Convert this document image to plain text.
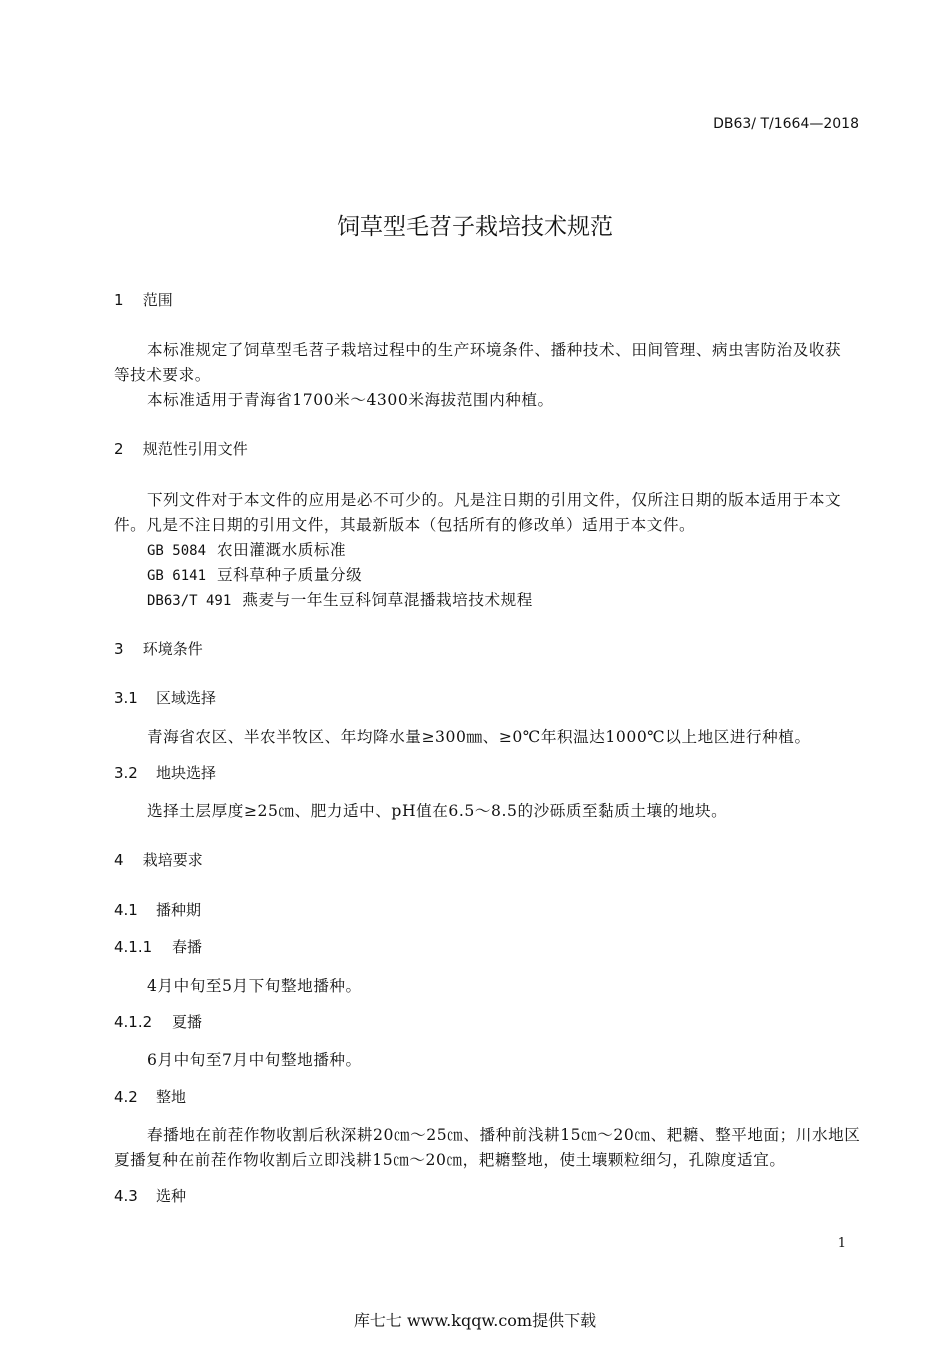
DB63/ T/1664—2018
饲草型毛苕子栽培技术规范
1 范围
本标准规定了饲草型毛苕子栽培过程中的生产环境条件、播种技术、田间管理、病虫害防治及收获
等技术要求。
本标准适用于青海省1700米～4300米海拔范围内种植。
2 规范性引用文件
下列文件对于本文件的应用是必不可少的。凡是注日期的引用文件，仅所注日期的版本适用于本文
件。凡是不注日期的引用文件，其最新版本（包括所有的修改单）适用于本文件。
GB 5084 农田灌溉水质标准
GB 6141 豆科草种子质量分级
DB63/T 491 燕麦与一年生豆科饲草混播栽培技术规程
3 环境条件
3.1 区域选择
青海省农区、半农半牧区、年均降水量≥300㎜、≥0℃年积温达1000℃以上地区进行种植。
3.2 地块选择
选择土层厚度≥25㎝、肥力适中、pH值在6.5～8.5的沙砾质至黏质土壤的地块。
4 栽培要求
4.1 播种期
4.1.1 春播
4月中旬至5月下旬整地播种。
4.1.2 夏播
6月中旬至7月中旬整地播种。
4.2 整地
春播地在前茬作物收割后秋深耕20㎝～25㎝、播种前浅耕15㎝～20㎝、耙耱、整平地面；川水地区
夏播复种在前茬作物收割后立即浅耕15㎝～20㎝，耙耱整地，使土壤颗粒细匀，孔隙度适宜。
4.3 选种
1
库七七 www.kqqw.com提供下载
